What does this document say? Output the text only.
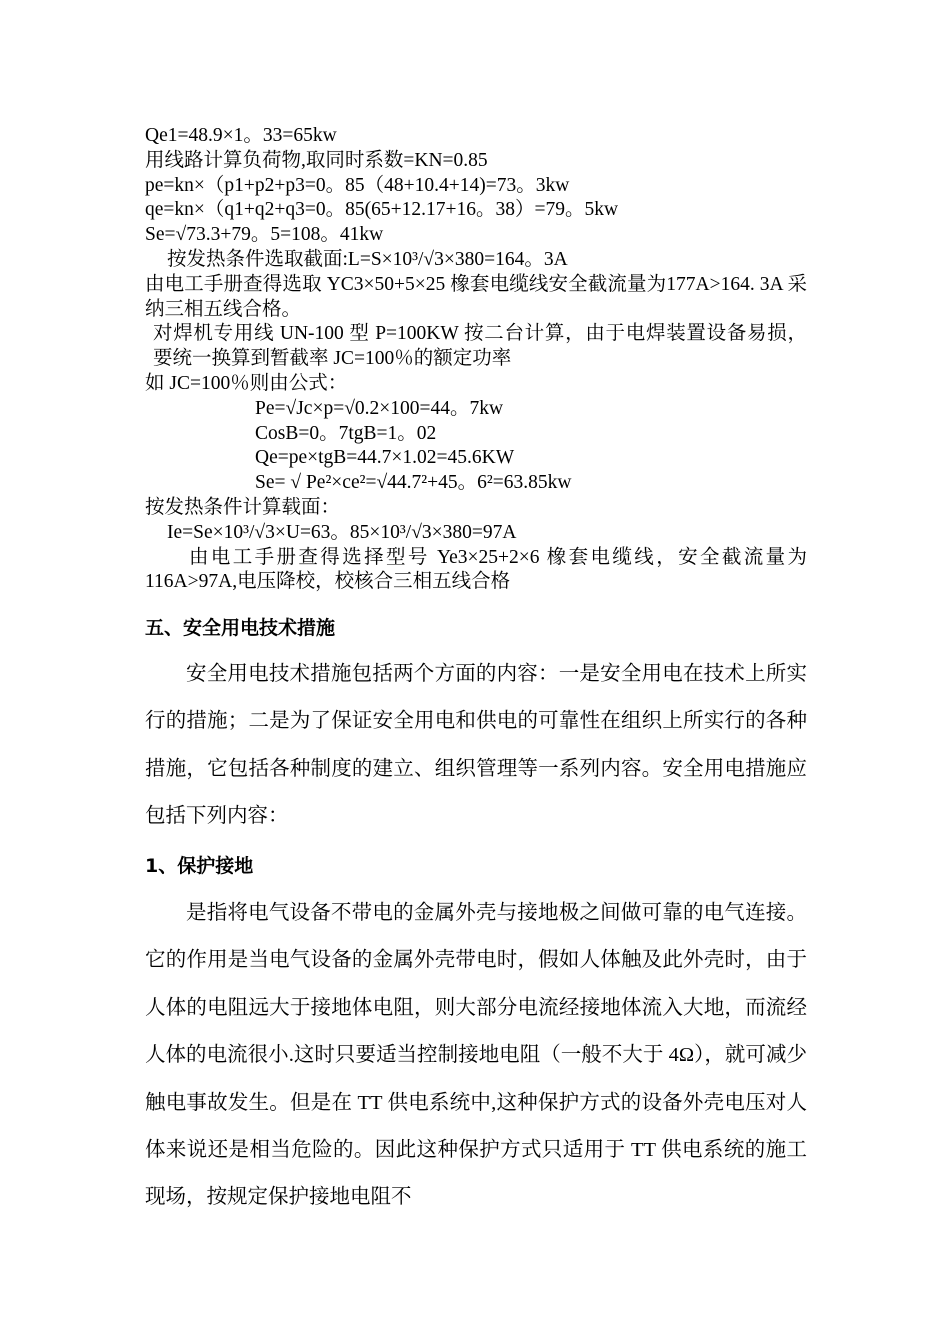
Qe1=48.9×1。33=65kw
用线路计算负荷物,取同时系数=KN=0.85
pe=kn×（p1+p2+p3=0。85（48+10.4+14)=73。3kw
qe=kn×（q1+q2+q3=0。85(65+12.17+16。38）=79。5kw
Se=√73.3+79。5=108。41kw
按发热条件选取截面:L=S×10³/√3×380=164。3A
由电工手册查得选取 YC3×50+5×25 橡套电缆线安全截流量为177A>164. 3A 采纳三相五线合格。
对焊机专用线 UN-100 型 P=100KW 按二台计算，由于电焊装置设备易损，要统一换算到暂截率 JC=100％的额定功率
如 JC=100％则由公式：
Pe=√Jc×p=√0.2×100=44。7kw
CosB=0。7tgB=1。02
Qe=pe×tgB=44.7×1.02=45.6KW
Se= √ Pe²×ce²=√44.7²+45。6²=63.85kw
按发热条件计算载面：
Ie=Se×10³/√3×U=63。85×10³/√3×380=97A
由电工手册查得选择型号 Ye3×25+2×6 橡套电缆线，安全截流量为 116A>97A,电压降校，校核合三相五线合格
五、安全用电技术措施
安全用电技术措施包括两个方面的内容：一是安全用电在技术上所实行的措施；二是为了保证安全用电和供电的可靠性在组织上所实行的各种措施，它包括各种制度的建立、组织管理等一系列内容。安全用电措施应包括下列内容：
1、保护接地
是指将电气设备不带电的金属外壳与接地极之间做可靠的电气连接。它的作用是当电气设备的金属外壳带电时，假如人体触及此外壳时，由于人体的电阻远大于接地体电阻，则大部分电流经接地体流入大地，而流经人体的电流很小.这时只要适当控制接地电阻（一般不大于 4Ω），就可减少触电事故发生。但是在 TT 供电系统中,这种保护方式的设备外壳电压对人体来说还是相当危险的。因此这种保护方式只适用于 TT 供电系统的施工现场，按规定保护接地电阻不
